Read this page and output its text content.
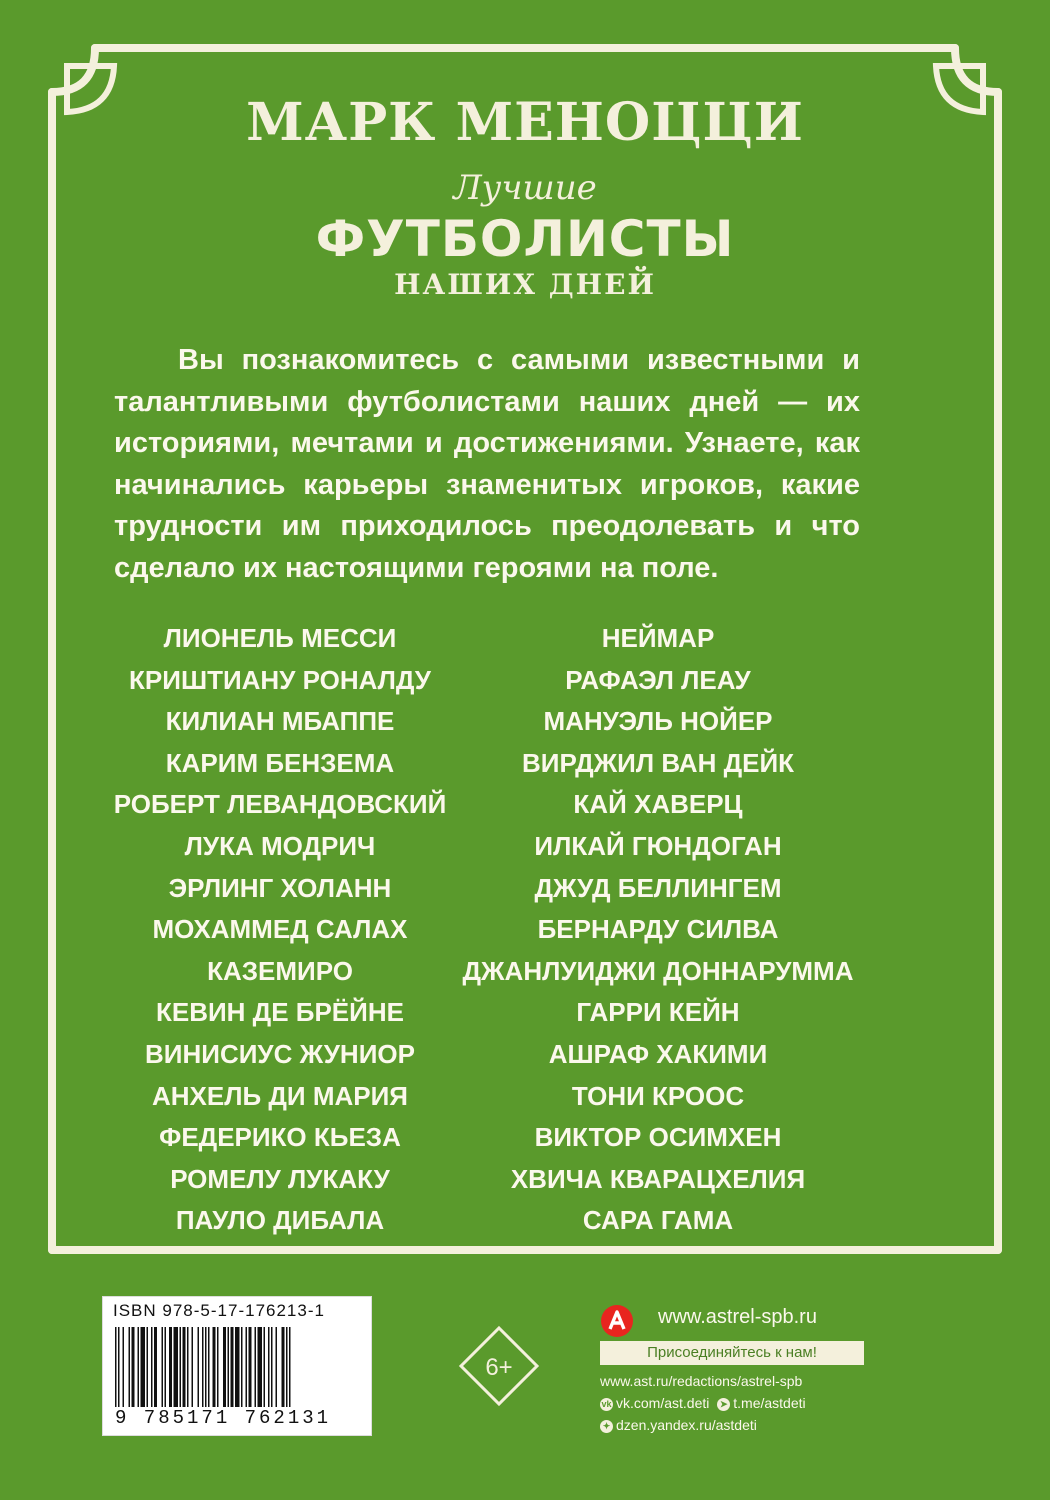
МАРК МЕНОЦЦИ
Лучшие
ФУТБОЛИСТЫ
НАШИХ ДНЕЙ
Вы познакомитесь с самыми известными и талантливыми футболистами наших дней — их историями, мечтами и достижениями. Узнаете, как начинались карьеры знаменитых игроков, какие трудности им приходилось преодолевать и что сделало их настоящими героями на поле.
ЛИОНЕЛЬ МЕССИ
КРИШТИАНУ РОНАЛДУ
КИЛИАН МБАППЕ
КАРИМ БЕНЗЕМА
РОБЕРТ ЛЕВАНДОВСКИЙ
ЛУКА МОДРИЧ
ЭРЛИНГ ХОЛАНН
МОХАММЕД САЛАХ
КАЗЕМИРО
КЕВИН ДЕ БРЁЙНЕ
ВИНИСИУС ЖУНИОР
АНХЕЛЬ ДИ МАРИЯ
ФЕДЕРИКО КЬЕЗА
РОМЕЛУ ЛУКАКУ
ПАУЛО ДИБАЛА
НЕЙМАР
РАФАЭЛ ЛЕАУ
МАНУЭЛЬ НОЙЕР
ВИРДЖИЛ ВАН ДЕЙК
КАЙ ХАВЕРЦ
ИЛКАЙ ГЮНДОГАН
ДЖУД БЕЛЛИНГЕМ
БЕРНАРДУ СИЛВА
ДЖАНЛУИДЖИ ДОННАРУММА
ГАРРИ КЕЙН
АШРАФ ХАКИМИ
ТОНИ КРООС
ВИКТОР ОСИМХЕН
ХВИЧА КВАРАЦХЕЛИЯ
САРА ГАМА
ISBN 978-5-17-176213-1
9 785171 762131
6+
www.astrel-spb.ru
Присоединяйтесь к нам!
www.ast.ru/redactions/astrel-spb
vk vk.com/ast.deti ➤ t.me/astdeti
✦ dzen.yandex.ru/astdeti
